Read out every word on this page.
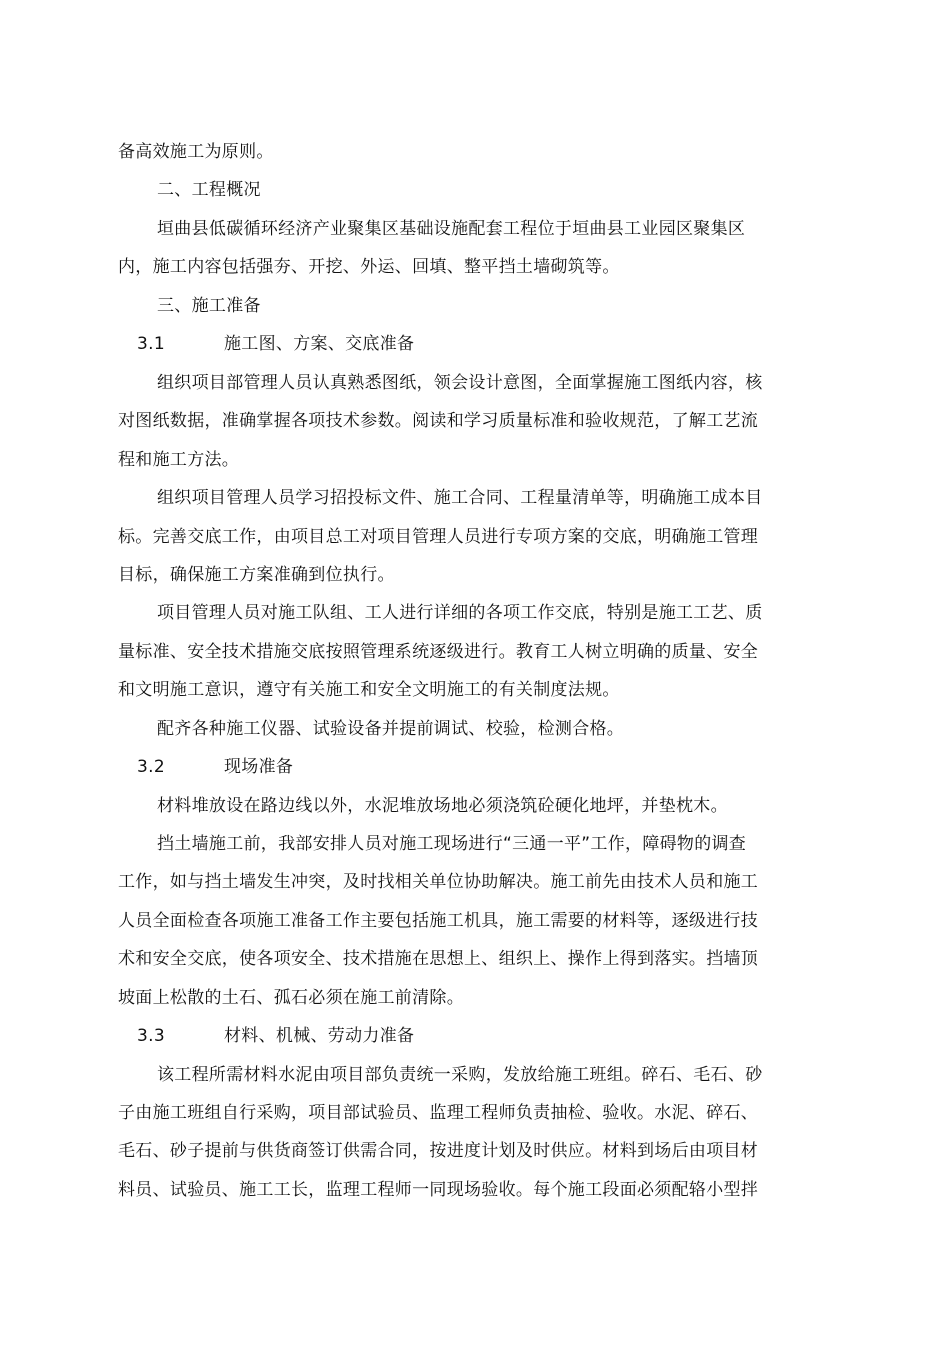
备高效施工为原则。
二、工程概况
垣曲县低碳循环经济产业聚集区基础设施配套工程位于垣曲县工业园区聚集区
内，施工内容包括强夯、开挖、外运、回填、整平挡土墙砌筑等。
三、施工准备
3.1	施工图、方案、交底准备
组织项目部管理人员认真熟悉图纸，领会设计意图，全面掌握施工图纸内容，核
对图纸数据，准确掌握各项技术参数。阅读和学习质量标准和验收规范，了解工艺流
程和施工方法。
组织项目管理人员学习招投标文件、施工合同、工程量清单等，明确施工成本目
标。完善交底工作，由项目总工对项目管理人员进行专项方案的交底，明确施工管理
目标，确保施工方案准确到位执行。
项目管理人员对施工队组、工人进行详细的各项工作交底，特别是施工工艺、质
量标准、安全技术措施交底按照管理系统逐级进行。教育工人树立明确的质量、安全
和文明施工意识，遵守有关施工和安全文明施工的有关制度法规。
配齐各种施工仪器、试验设备并提前调试、校验，检测合格。
3.2	现场准备
材料堆放设在路边线以外，水泥堆放场地必须浇筑砼硬化地坪，并垫枕木。
挡土墙施工前，我部安排人员对施工现场进行“三通一平”工作，障碍物的调查
工作，如与挡土墙发生冲突，及时找相关单位协助解决。施工前先由技术人员和施工
人员全面检查各项施工准备工作主要包括施工机具，施工需要的材料等，逐级进行技
术和安全交底，使各项安全、技术措施在思想上、组织上、操作上得到落实。挡墙顶
坡面上松散的土石、孤石必须在施工前清除。
3.3	材料、机械、劳动力准备
该工程所需材料水泥由项目部负责统一采购，发放给施工班组。碎石、毛石、砂
子由施工班组自行采购，项目部试验员、监理工程师负责抽检、验收。水泥、碎石、
毛石、砂子提前与供货商签订供需合同，按进度计划及时供应。材料到场后由项目材
料员、试验员、施工工长，监理工程师一同现场验收。每个施工段面必须配辂小型拌
